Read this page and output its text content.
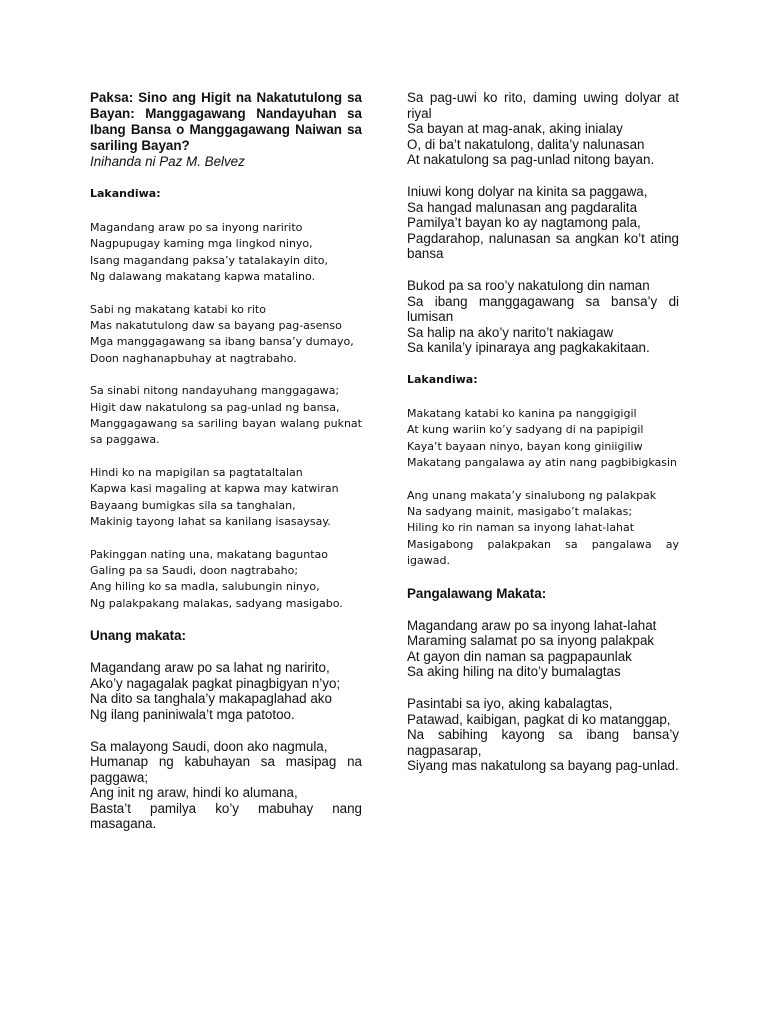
Paksa: Sino ang Higit na Nakatutulong sa Bayan: Manggagawang Nandayuhan sa Ibang Bansa o Manggagawang Naiwan sa sariling Bayan?

Inihanda ni Paz M. Belvez

Lakandiwa:

Magandang araw po sa inyong naririto
Nagpupugay kaming mga lingkod ninyo,
Isang magandang paksa’y tatalakayin dito,
Ng dalawang makatang kapwa matalino.

Sabi ng makatang katabi ko rito
Mas nakatutulong daw sa bayang pag-asenso
Mga manggagawang sa ibang bansa’y dumayo,
Doon naghanapbuhay at nagtrabaho.

Sa sinabi nitong nandayuhang manggagawa;
Higit daw nakatulong sa pag-unlad ng bansa,
Manggagawang sa sariling bayan walang puknat sa paggawa.

Hindi ko na mapigilan sa pagtataltalan
Kapwa kasi magaling at kapwa may katwiran
Bayaang bumigkas sila sa tanghalan,
Makinig tayong lahat sa kanilang isasaysay.

Pakinggan nating una, makatang baguntao
Galing pa sa Saudi, doon nagtrabaho;
Ang hiling ko sa madla, salubungin ninyo,
Ng palakpakang malakas, sadyang masigabo.

Unang makata:

Magandang araw po sa lahat ng naririto,
Ako’y nagagalak pagkat pinagbigyan n’yo;
Na dito sa tanghala’y makapaglahad ako
Ng ilang paniniwala’t mga patotoo.

Sa malayong Saudi, doon ako nagmula,
Humanap ng kabuhayan sa masipag na paggawa;
Ang init ng araw, hindi ko alumana,
Basta’t pamilya ko’y mabuhay nang masagana.

Sa pag-uwi ko rito, daming uwing dolyar at riyal
Sa bayan at mag-anak, aking inialay
O, di ba’t nakatulong, dalita’y nalunasan
At nakatulong sa pag-unlad nitong bayan.

Iniuwi kong dolyar na kinita sa paggawa,
Sa hangad malunasan ang pagdaralita
Pamilya’t bayan ko ay nagtamong pala,
Pagdarahop, nalunasan sa angkan ko’t ating bansa

Bukod pa sa roo’y nakatulong din naman
Sa ibang manggagawang sa bansa’y di lumisan
Sa halip na ako’y narito’t nakiagaw
Sa kanila’y ipinaraya ang pagkakakitaan.

Lakandiwa:

Makatang katabi ko kanina pa nanggigigil
At kung wariin ko’y sadyang di na papipigil
Kaya’t bayaan ninyo, bayan kong giniigiliw
Makatang pangalawa ay atin nang pagbibigkasin

Ang unang makata’y sinalubong ng palakpak
Na sadyang mainit, masigabo’t malakas;
Hiling ko rin naman sa inyong lahat-lahat
Masigabong palakpakan sa pangalawa ay igawad.

Pangalawang Makata:

Magandang araw po sa inyong lahat-lahat
Maraming salamat po sa inyong palakpak
At gayon din naman sa pagpapaunlak
Sa aking hiling na dito’y bumalagtas

Pasintabi sa iyo, aking kabalagtas,
Patawad, kaibigan, pagkat di ko matanggap,
Na sabihing kayong sa ibang bansa’y nagpasarap,
Siyang mas nakatulong sa bayang pag-unlad.
